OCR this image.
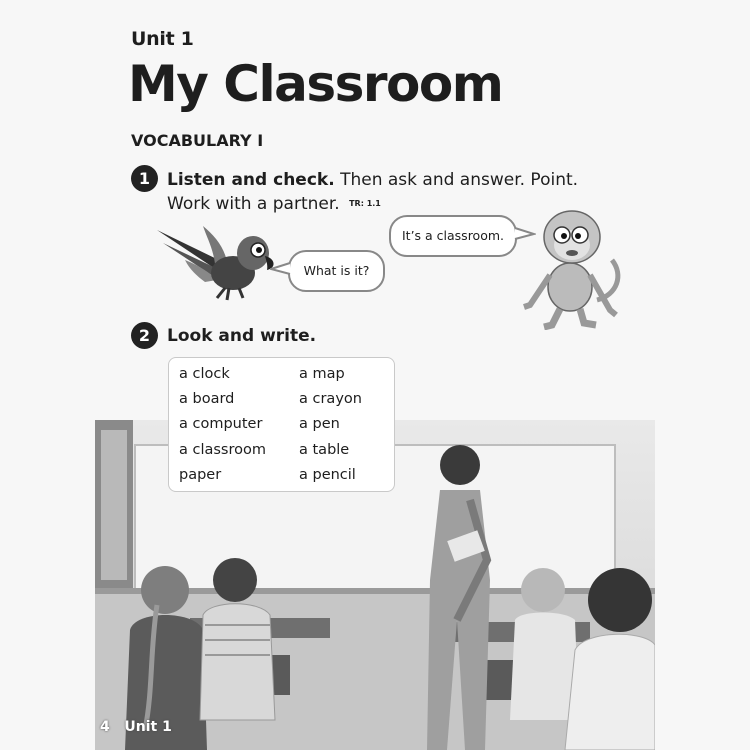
Unit 1
My Classroom
VOCABULARY I
1 Listen and check. Then ask and answer. Point.
Work with a partner. TR: 1.1
What is it?
It’s a classroom.
2 Look and write.
a clock
a board
a computer
a classroom
paper
a map
a crayon
a pen
a table
a pencil
4 Unit 1
